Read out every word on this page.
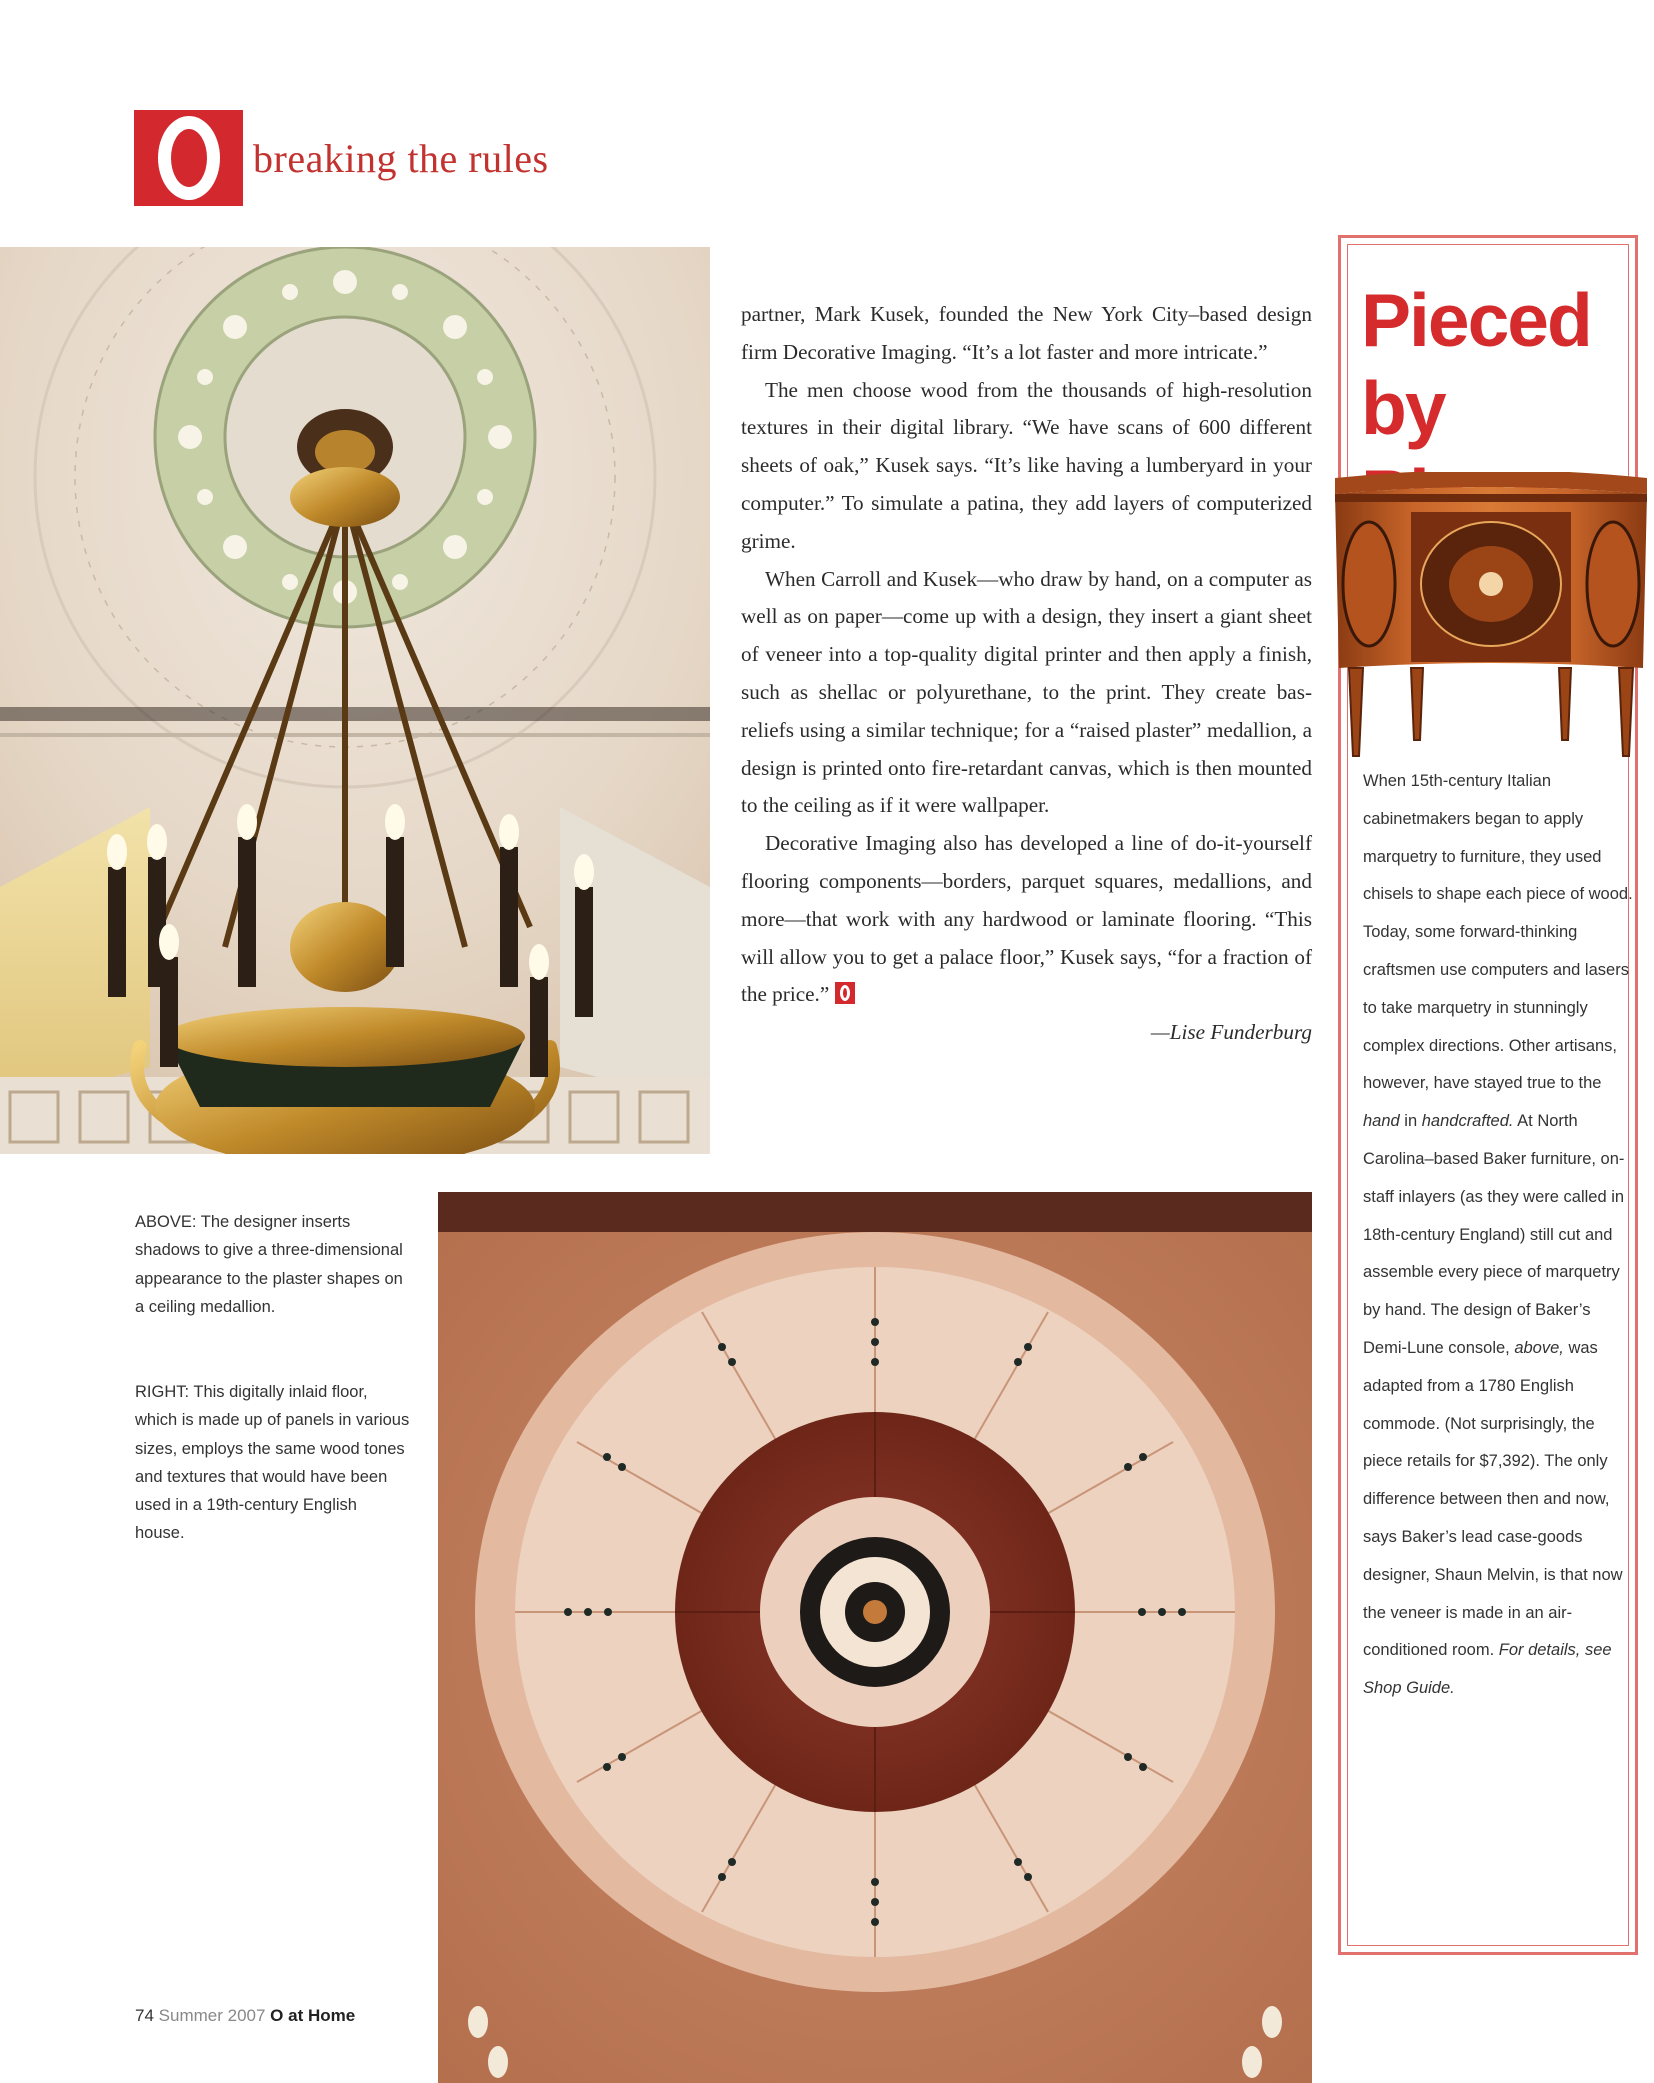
breaking the rules

partner, Mark Kusek, founded the New York City–based design firm Decorative Imaging. “It’s a lot faster and more intricate.”

The men choose wood from the thousands of high-resolution textures in their digital library. “We have scans of 600 different sheets of oak,” Kusek says. “It’s like having a lumberyard in your computer.” To simulate a patina, they add layers of computerized grime.

When Carroll and Kusek—who draw by hand, on a computer as well as on paper—come up with a design, they insert a giant sheet of veneer into a top-quality digital printer and then apply a finish, such as shellac or polyurethane, to the print. They create bas-reliefs using a similar technique; for a “raised plaster” medallion, a design is printed onto fire-retardant canvas, which is then mounted to the ceiling as if it were wallpaper.

Decorative Imaging also has developed a line of do-it-yourself flooring components—borders, parquet squares, medallions, and more—that work with any hardwood or laminate flooring. “This will allow you to get a palace floor,” Kusek says, “for a fraction of the price.”

—Lise Funderburg

ABOVE: The designer inserts shadows to give a three-dimensional appearance to the plaster shapes on a ceiling medallion.

RIGHT: This digitally inlaid floor, which is made up of panels in various sizes, employs the same wood tones and textures that would have been used in a 19th-century English house.

Pieced
by

When 15th-century Italian cabinetmakers began to apply marquetry to furniture, they used chisels to shape each piece of wood. Today, some forward-thinking craftsmen use computers and lasers to take marquetry in stunningly complex directions. Other artisans, however, have stayed true to the hand in handcrafted. At North Carolina–based Baker furniture, on-staff inlayers (as they were called in 18th-century England) still cut and assemble every piece of marquetry by hand. The design of Baker’s Demi-Lune console, above, was adapted from a 1780 English commode. (Not surprisingly, the piece retails for $7,392). The only difference between then and now, says Baker’s lead case-goods designer, Shaun Melvin, is that now the veneer is made in an air-conditioned room. For details, see Shop Guide.

74 Summer 2007 O at Home
